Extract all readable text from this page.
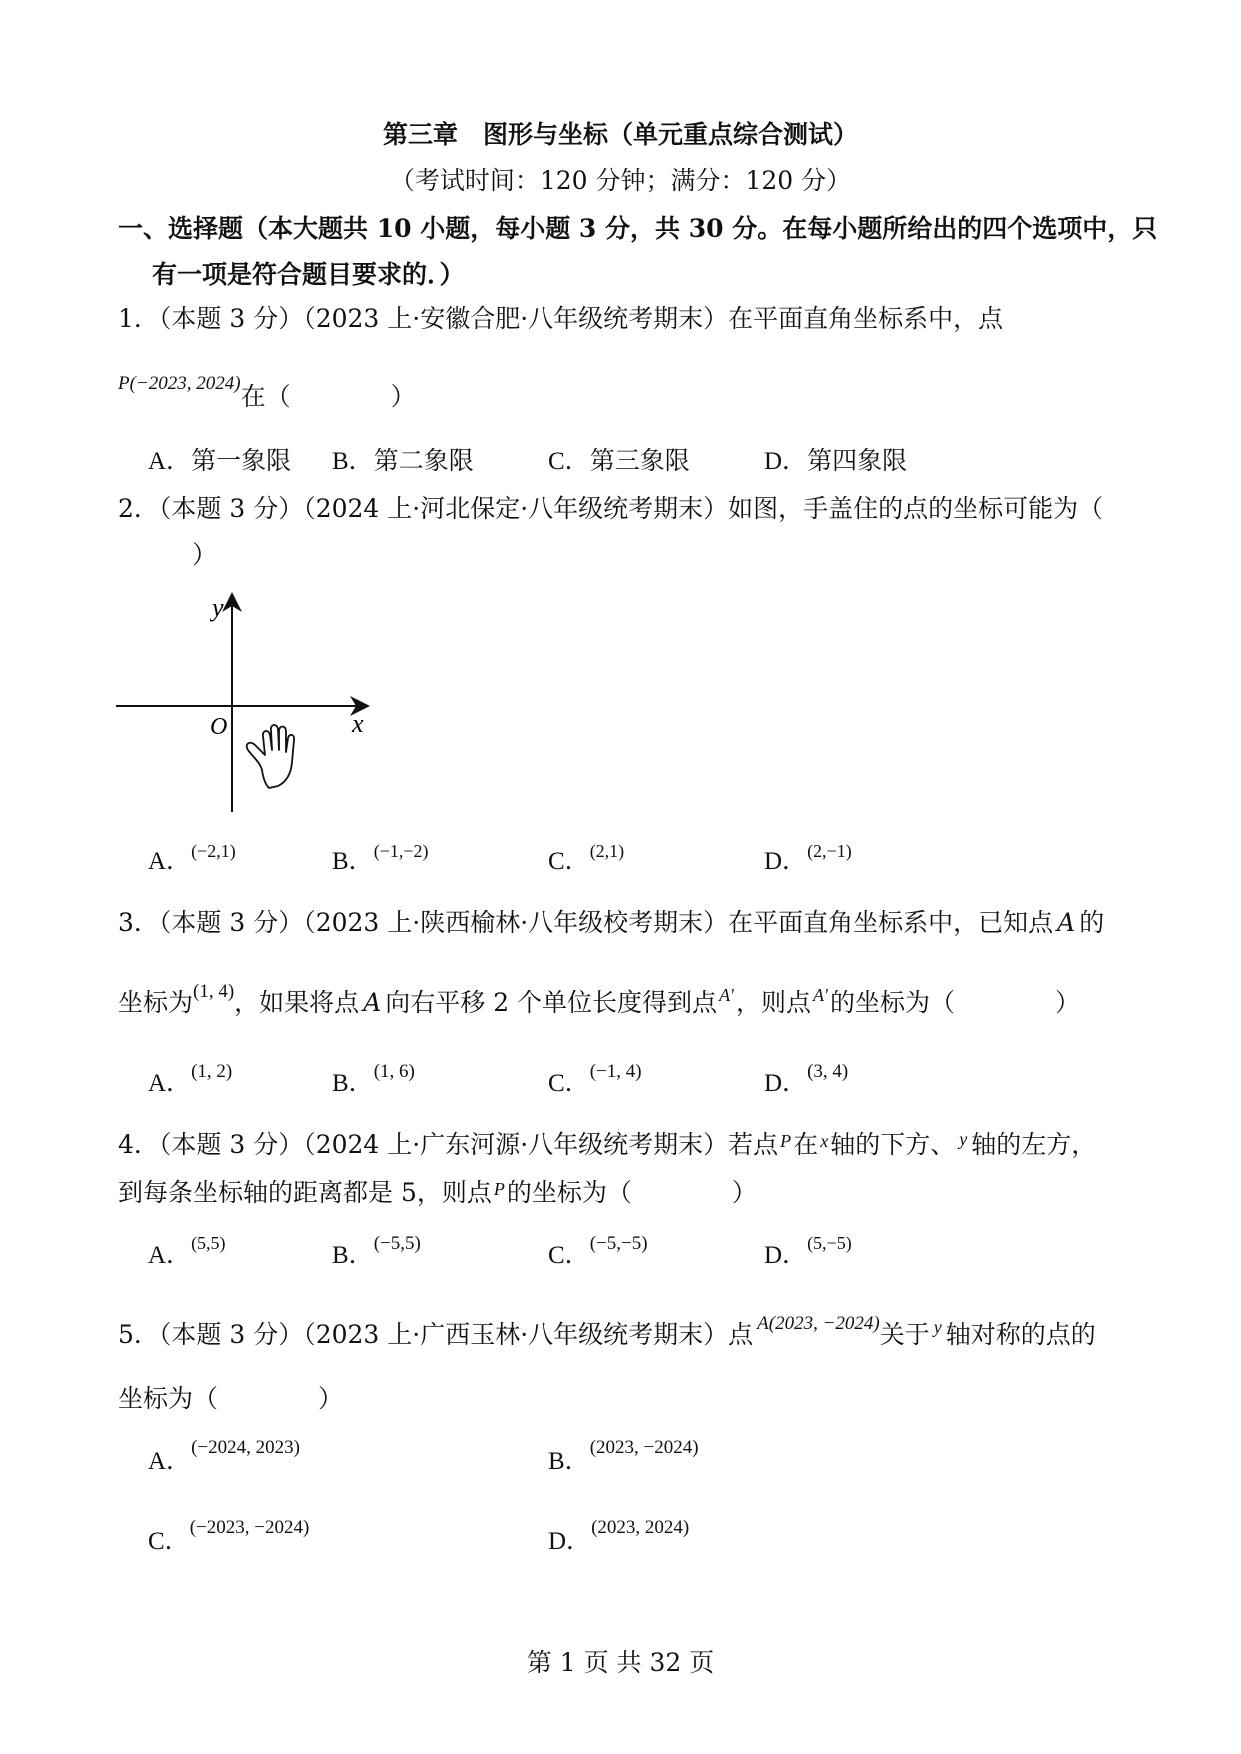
第三章　图形与坐标（单元重点综合测试）
（考试时间：120 分钟；满分：120 分）
一、选择题（本大题共 10 小题，每小题 3 分，共 30 分。在每小题所给出的四个选项中，只
有一项是符合题目要求的．）
1．（本题 3 分）（2023 上·安徽合肥·八年级统考期末）在平面直角坐标系中，点
$^{P(-2023, 2024)}$在（	）
A．第一象限 B．第二象限	C．第三象限	D．第四象限
2．（本题 3 分）（2024 上·河北保定·八年级统考期末）如图，手盖住的点的坐标可能为（
）
y
x
O
A．$^{(-2,1)}$	B．$^{(-1,-2)}$	C．$^{(2,1)}$	D．$^{(2,-1)}$
3．（本题 3 分）（2023 上·陕西榆林·八年级校考期末）在平面直角坐标系中，已知点 A 的
坐标为$^{(1, 4)}$，如果将点 A 向右平移 2 个单位长度得到点 $^{A'}$，则点 $^{A'}$的坐标为（	）
A．$^{(1, 2)}$	B．$^{(1, 6)}$	C．$^{(-1, 4)}$	D．$^{(3, 4)}$
4．（本题 3 分）（2024 上·广东河源·八年级统考期末）若点 $^P$在 $^x$轴的下方、 $^y$ 轴的左方，
到每条坐标轴的距离都是 5，则点 $^P$的坐标为（	）
A．$^{(5,5)}$	B．$^{(-5,5)}$	C．$^{(-5,-5)}$	D．$^{(5,-5)}$
5．（本题 3 分）（2023 上·广西玉林·八年级统考期末）点 $^{A(2023, -2024)}$关于 $^y$ 轴对称的点的
坐标为（	）
A．$^{(-2024, 2023)}$
B．$^{(2023, -2024)}$
C．$^{(-2023, -2024)}$
D．$^{(2023, 2024)}$
第 1 页 共 32 页
